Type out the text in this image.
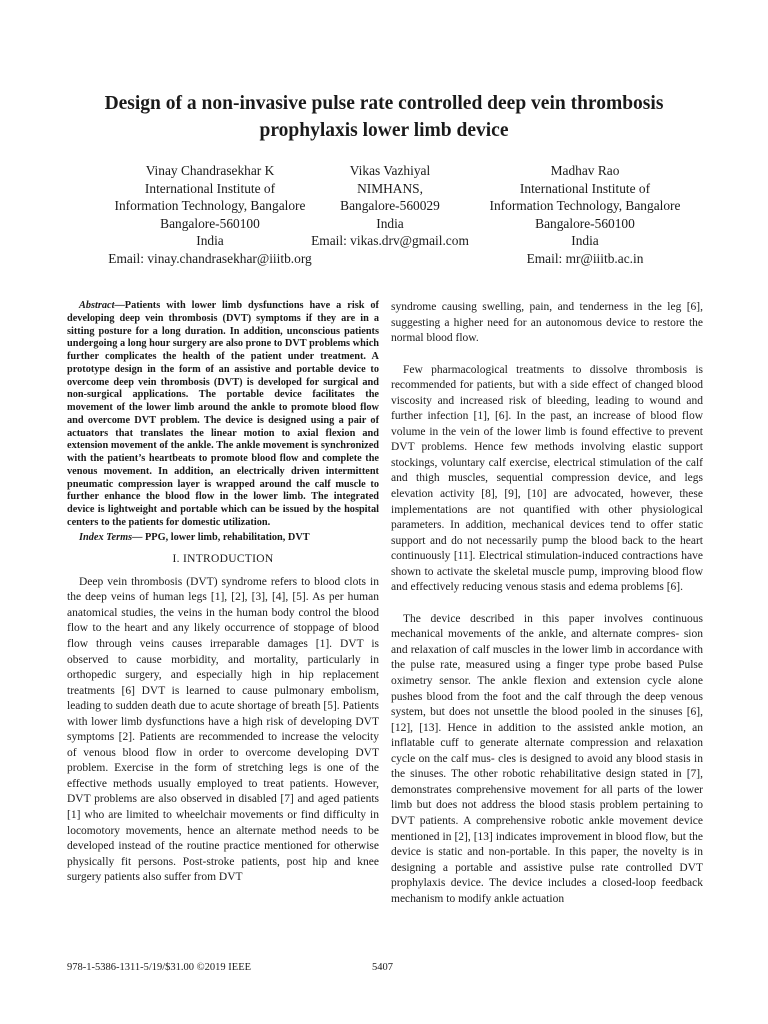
Design of a non-invasive pulse rate controlled deep vein thrombosis
prophylaxis lower limb device
Vinay Chandrasekhar K
International Institute of
Information Technology, Bangalore
Bangalore-560100
India
Email: vinay.chandrasekhar@iiitb.org
Vikas Vazhiyal
NIMHANS,
Bangalore-560029
India
Email: vikas.drv@gmail.com
Madhav Rao
International Institute of
Information Technology, Bangalore
Bangalore-560100
India
Email: mr@iiitb.ac.in

Abstract—Patients with lower limb dysfunctions have a risk of developing deep vein thrombosis (DVT) symptoms if they are in a sitting posture for a long duration. In addition, unconscious patients undergoing a long hour surgery are also prone to DVT problems which further complicates the health of the patient under treatment. A prototype design in the form of an assistive and portable device to overcome deep vein thrombosis (DVT) is developed for surgical and non-surgical applications. The portable device facilitates the movement of the lower limb around the ankle to promote blood flow and overcome DVT problem. The device is designed using a pair of actuators that translates the linear motion to axial flexion and extension movement of the ankle. The ankle movement is synchronized with the patient’s heartbeats to promote blood flow and complete the venous movement. In addition, an electrically driven intermittent pneumatic compression layer is wrapped around the calf muscle to further enhance the blood flow in the lower limb. The integrated device is lightweight and portable which can be issued by the hospital centers to the patients for domestic utilization.

Index Terms— PPG, lower limb, rehabilitation, DVT

I. INTRODUCTION

Deep vein thrombosis (DVT) syndrome refers to blood clots in the deep veins of human legs [1], [2], [3], [4], [5]. As per human anatomical studies, the veins in the human body control the blood flow to the heart and any likely occurrence of stoppage of blood flow through veins causes irreparable damages [1]. DVT is observed to cause morbidity, and mortality, particularly in orthopedic surgery, and especially high in hip replacement treatments [6] DVT is learned to cause pulmonary embolism, leading to sudden death due to acute shortage of breath [5]. Patients with lower limb dysfunctions have a high risk of developing DVT symptoms [2]. Patients are recommended to increase the velocity of venous blood flow in order to overcome developing DVT problem. Exercise in the form of stretching legs is one of the effective methods usually employed to treat patients. However, DVT problems are also observed in disabled [7] and aged patients [1] who are limited to wheelchair movements or find difficulty in locomotory movements, hence an alternate method needs to be developed instead of the routine practice mentioned for otherwise physically fit persons. Post-stroke patients, post hip and knee surgery patients also suffer from DVT

syndrome causing swelling, pain, and tenderness in the leg [6], suggesting a higher need for an autonomous device to restore the normal blood flow.

Few pharmacological treatments to dissolve thrombosis is recommended for patients, but with a side effect of changed blood viscosity and increased risk of bleeding, leading to wound and further infection [1], [6]. In the past, an increase of blood flow volume in the vein of the lower limb is found effective to prevent DVT problems. Hence few methods involving elastic support stockings, voluntary calf exercise, electrical stimulation of the calf and thigh muscles, sequential compression device, and legs elevation activity [8], [9], [10] are advocated, however, these implementations are not quantified with other physiological parameters. In addition, mechanical devices tend to offer static support and do not necessarily pump the blood back to the heart continuously [11]. Electrical stimulation-induced contractions have shown to activate the skeletal muscle pump, improving blood flow and effectively reducing venous stasis and edema problems [6].

The device described in this paper involves continuous mechanical movements of the ankle, and alternate compres- sion and relaxation of calf muscles in the lower limb in accordance with the pulse rate, measured using a finger type probe based Pulse oximetry sensor. The ankle flexion and extension cycle alone pushes blood from the foot and the calf through the deep venous system, but does not unsettle the blood pooled in the sinuses [6], [12], [13]. Hence in addition to the assisted ankle motion, an inflatable cuff to generate alternate compression and relaxation cycle on the calf mus- cles is designed to avoid any blood stasis in the sinuses. The other robotic rehabilitative design stated in [7], demonstrates comprehensive movement for all parts of the lower limb but does not address the blood stasis problem pertaining to DVT patients. A comprehensive robotic ankle movement device mentioned in [2], [13] indicates improvement in blood flow, but the device is static and non-portable. In this paper, the novelty is in designing a portable and assistive pulse rate controlled DVT prophylaxis device. The device includes a closed-loop feedback mechanism to modify ankle actuation

978-1-5386-1311-5/19/$31.00 ©2019 IEEE	5407
